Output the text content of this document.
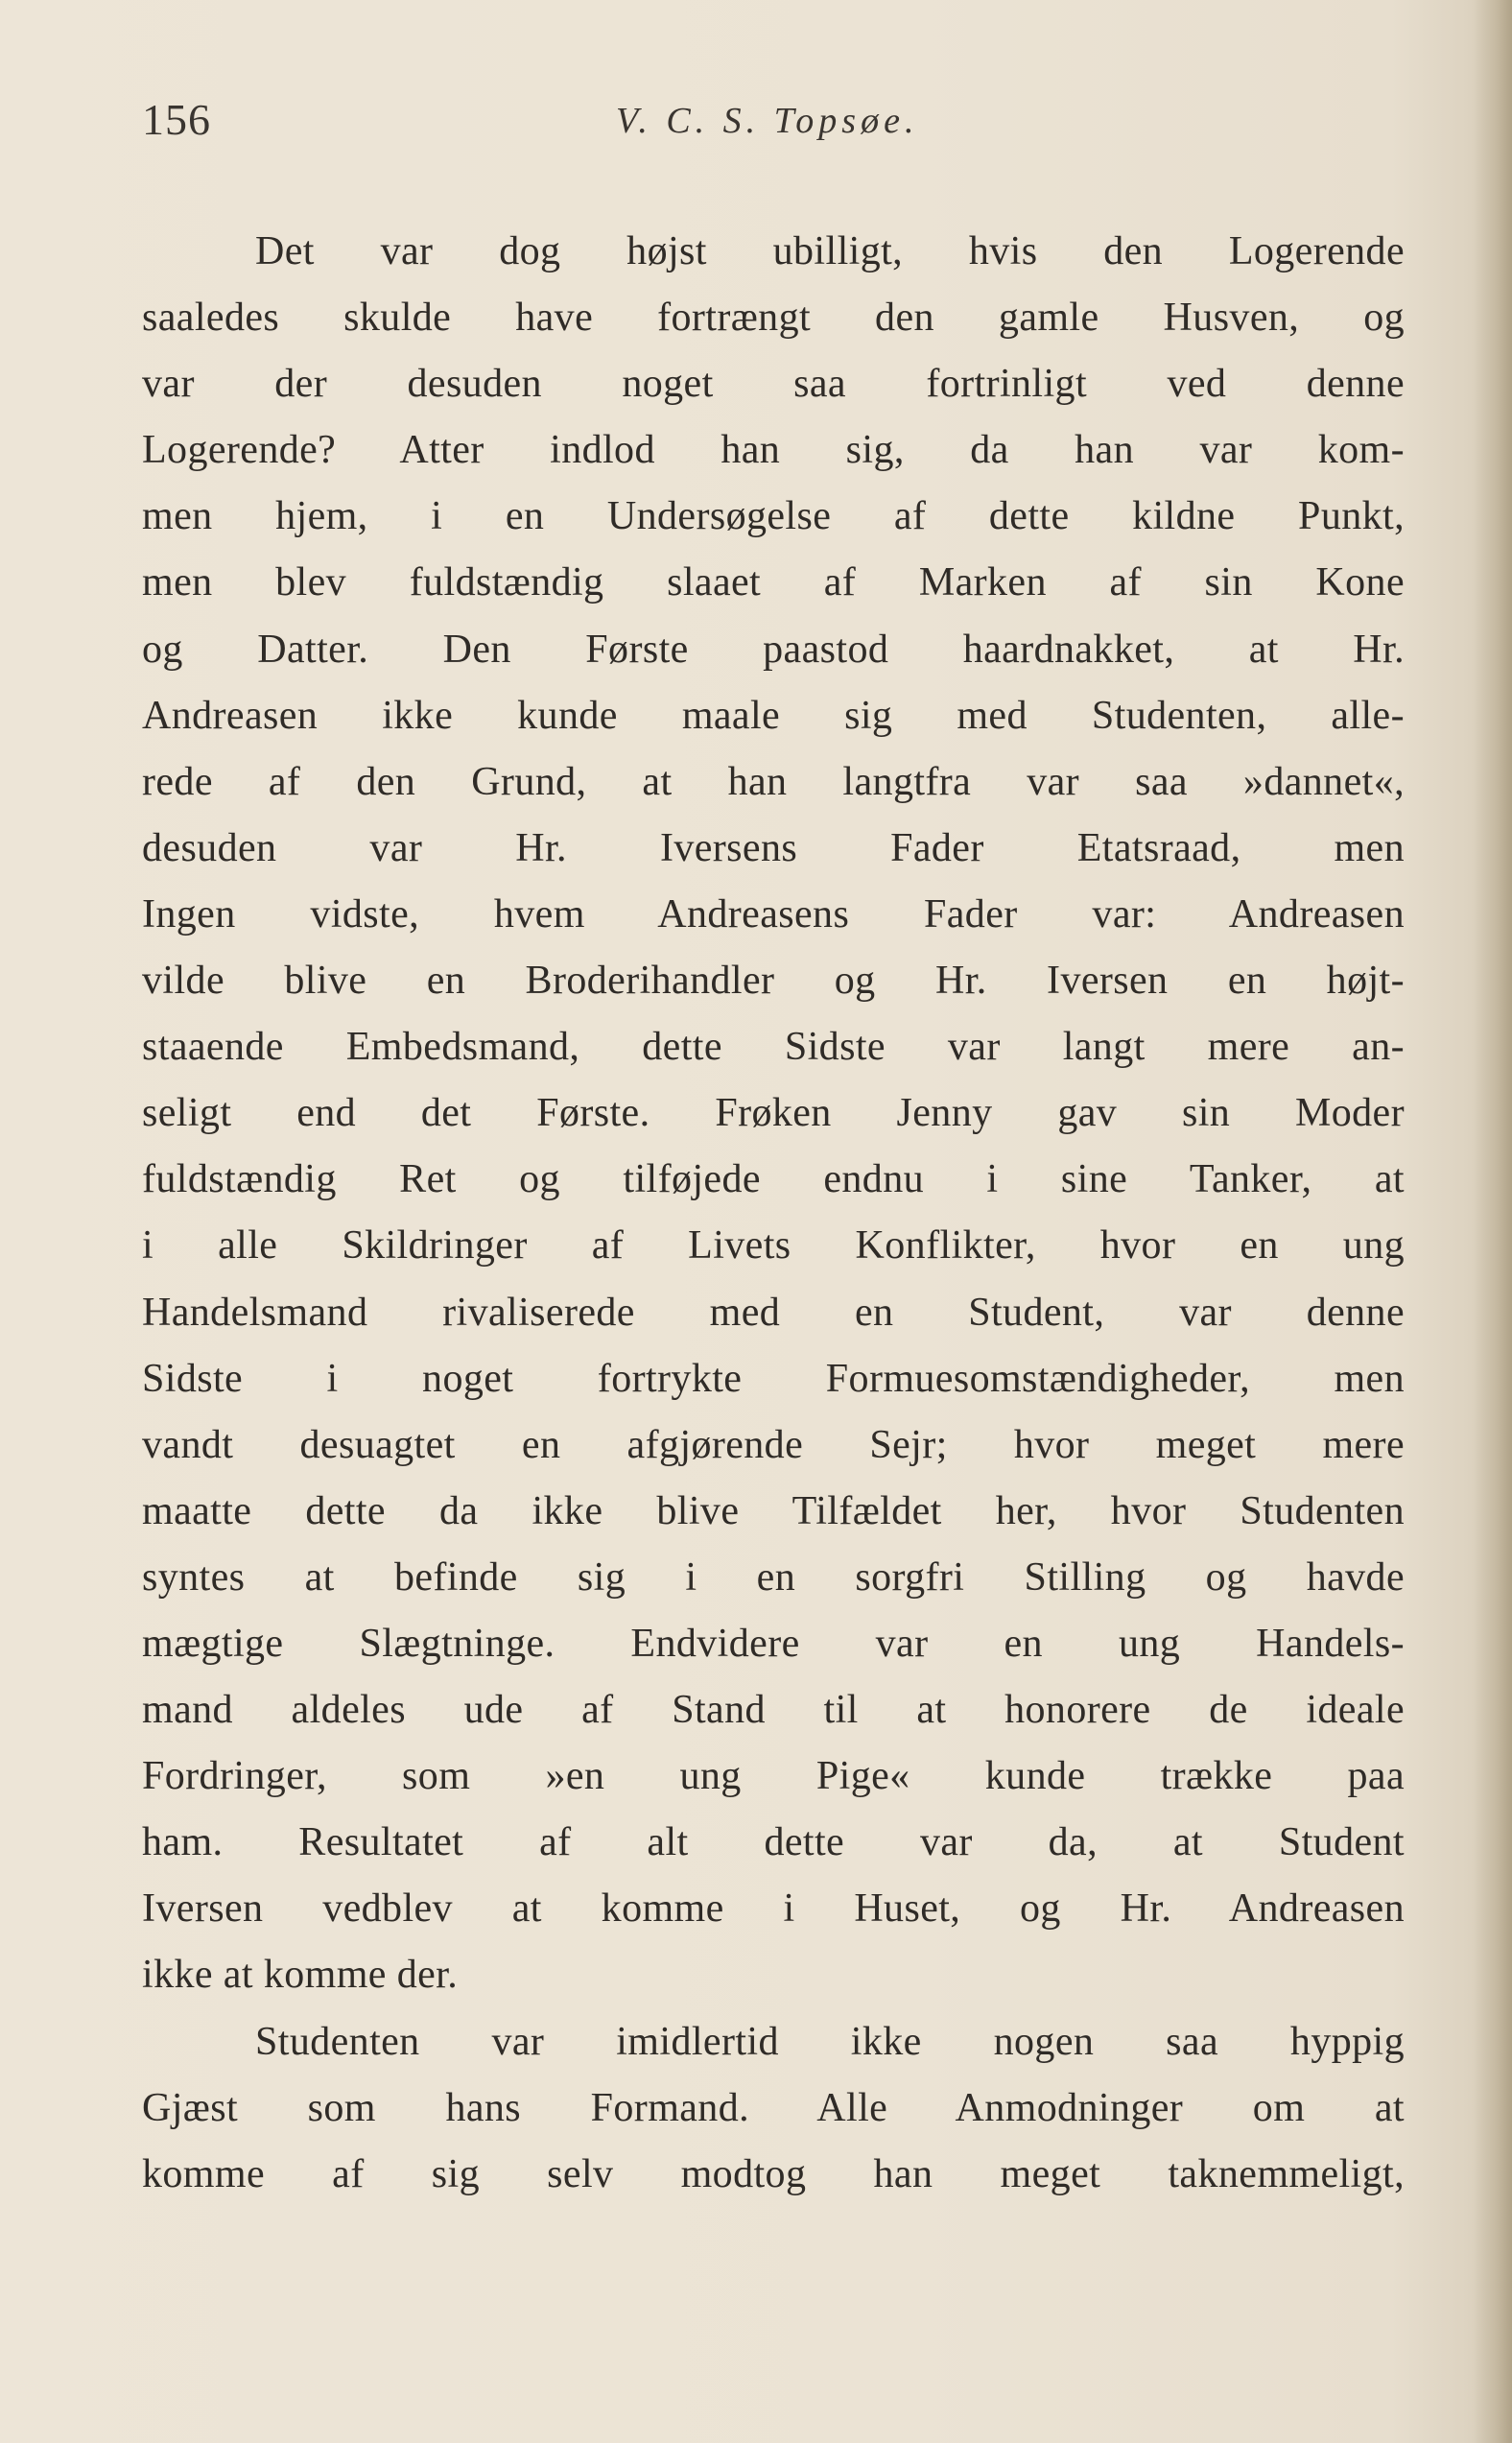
156	V. C. S. Topsøe.
Det var dog højst ubilligt, hvis den Logerende
saaledes skulde have fortrængt den gamle Husven, og
var der desuden noget saa fortrinligt ved denne
Logerende? Atter indlod han sig, da han var kom-
men hjem, i en Undersøgelse af dette kildne Punkt,
men blev fuldstændig slaaet af Marken af sin Kone
og Datter. Den Første paastod haardnakket, at Hr.
Andreasen ikke kunde maale sig med Studenten, alle-
rede af den Grund, at han langtfra var saa »dannet«,
desuden var Hr. Iversens Fader Etatsraad, men
Ingen vidste, hvem Andreasens Fader var: Andreasen
vilde blive en Broderihandler og Hr. Iversen en højt-
staaende Embedsmand, dette Sidste var langt mere an-
seligt end det Første. Frøken Jenny gav sin Moder
fuldstændig Ret og tilføjede endnu i sine Tanker, at
i alle Skildringer af Livets Konflikter, hvor en ung
Handelsmand rivaliserede med en Student, var denne
Sidste i noget fortrykte Formuesomstændigheder, men
vandt desuagtet en afgjørende Sejr; hvor meget mere
maatte dette da ikke blive Tilfældet her, hvor Studenten
syntes at befinde sig i en sorgfri Stilling og havde
mægtige Slægtninge. Endvidere var en ung Handels-
mand aldeles ude af Stand til at honorere de ideale
Fordringer, som »en ung Pige« kunde trække paa
ham. Resultatet af alt dette var da, at Student
Iversen vedblev at komme i Huset, og Hr. Andreasen
ikke at komme der.
Studenten var imidlertid ikke nogen saa hyppig
Gjæst som hans Formand. Alle Anmodninger om at
komme af sig selv modtog han meget taknemmeligt,
